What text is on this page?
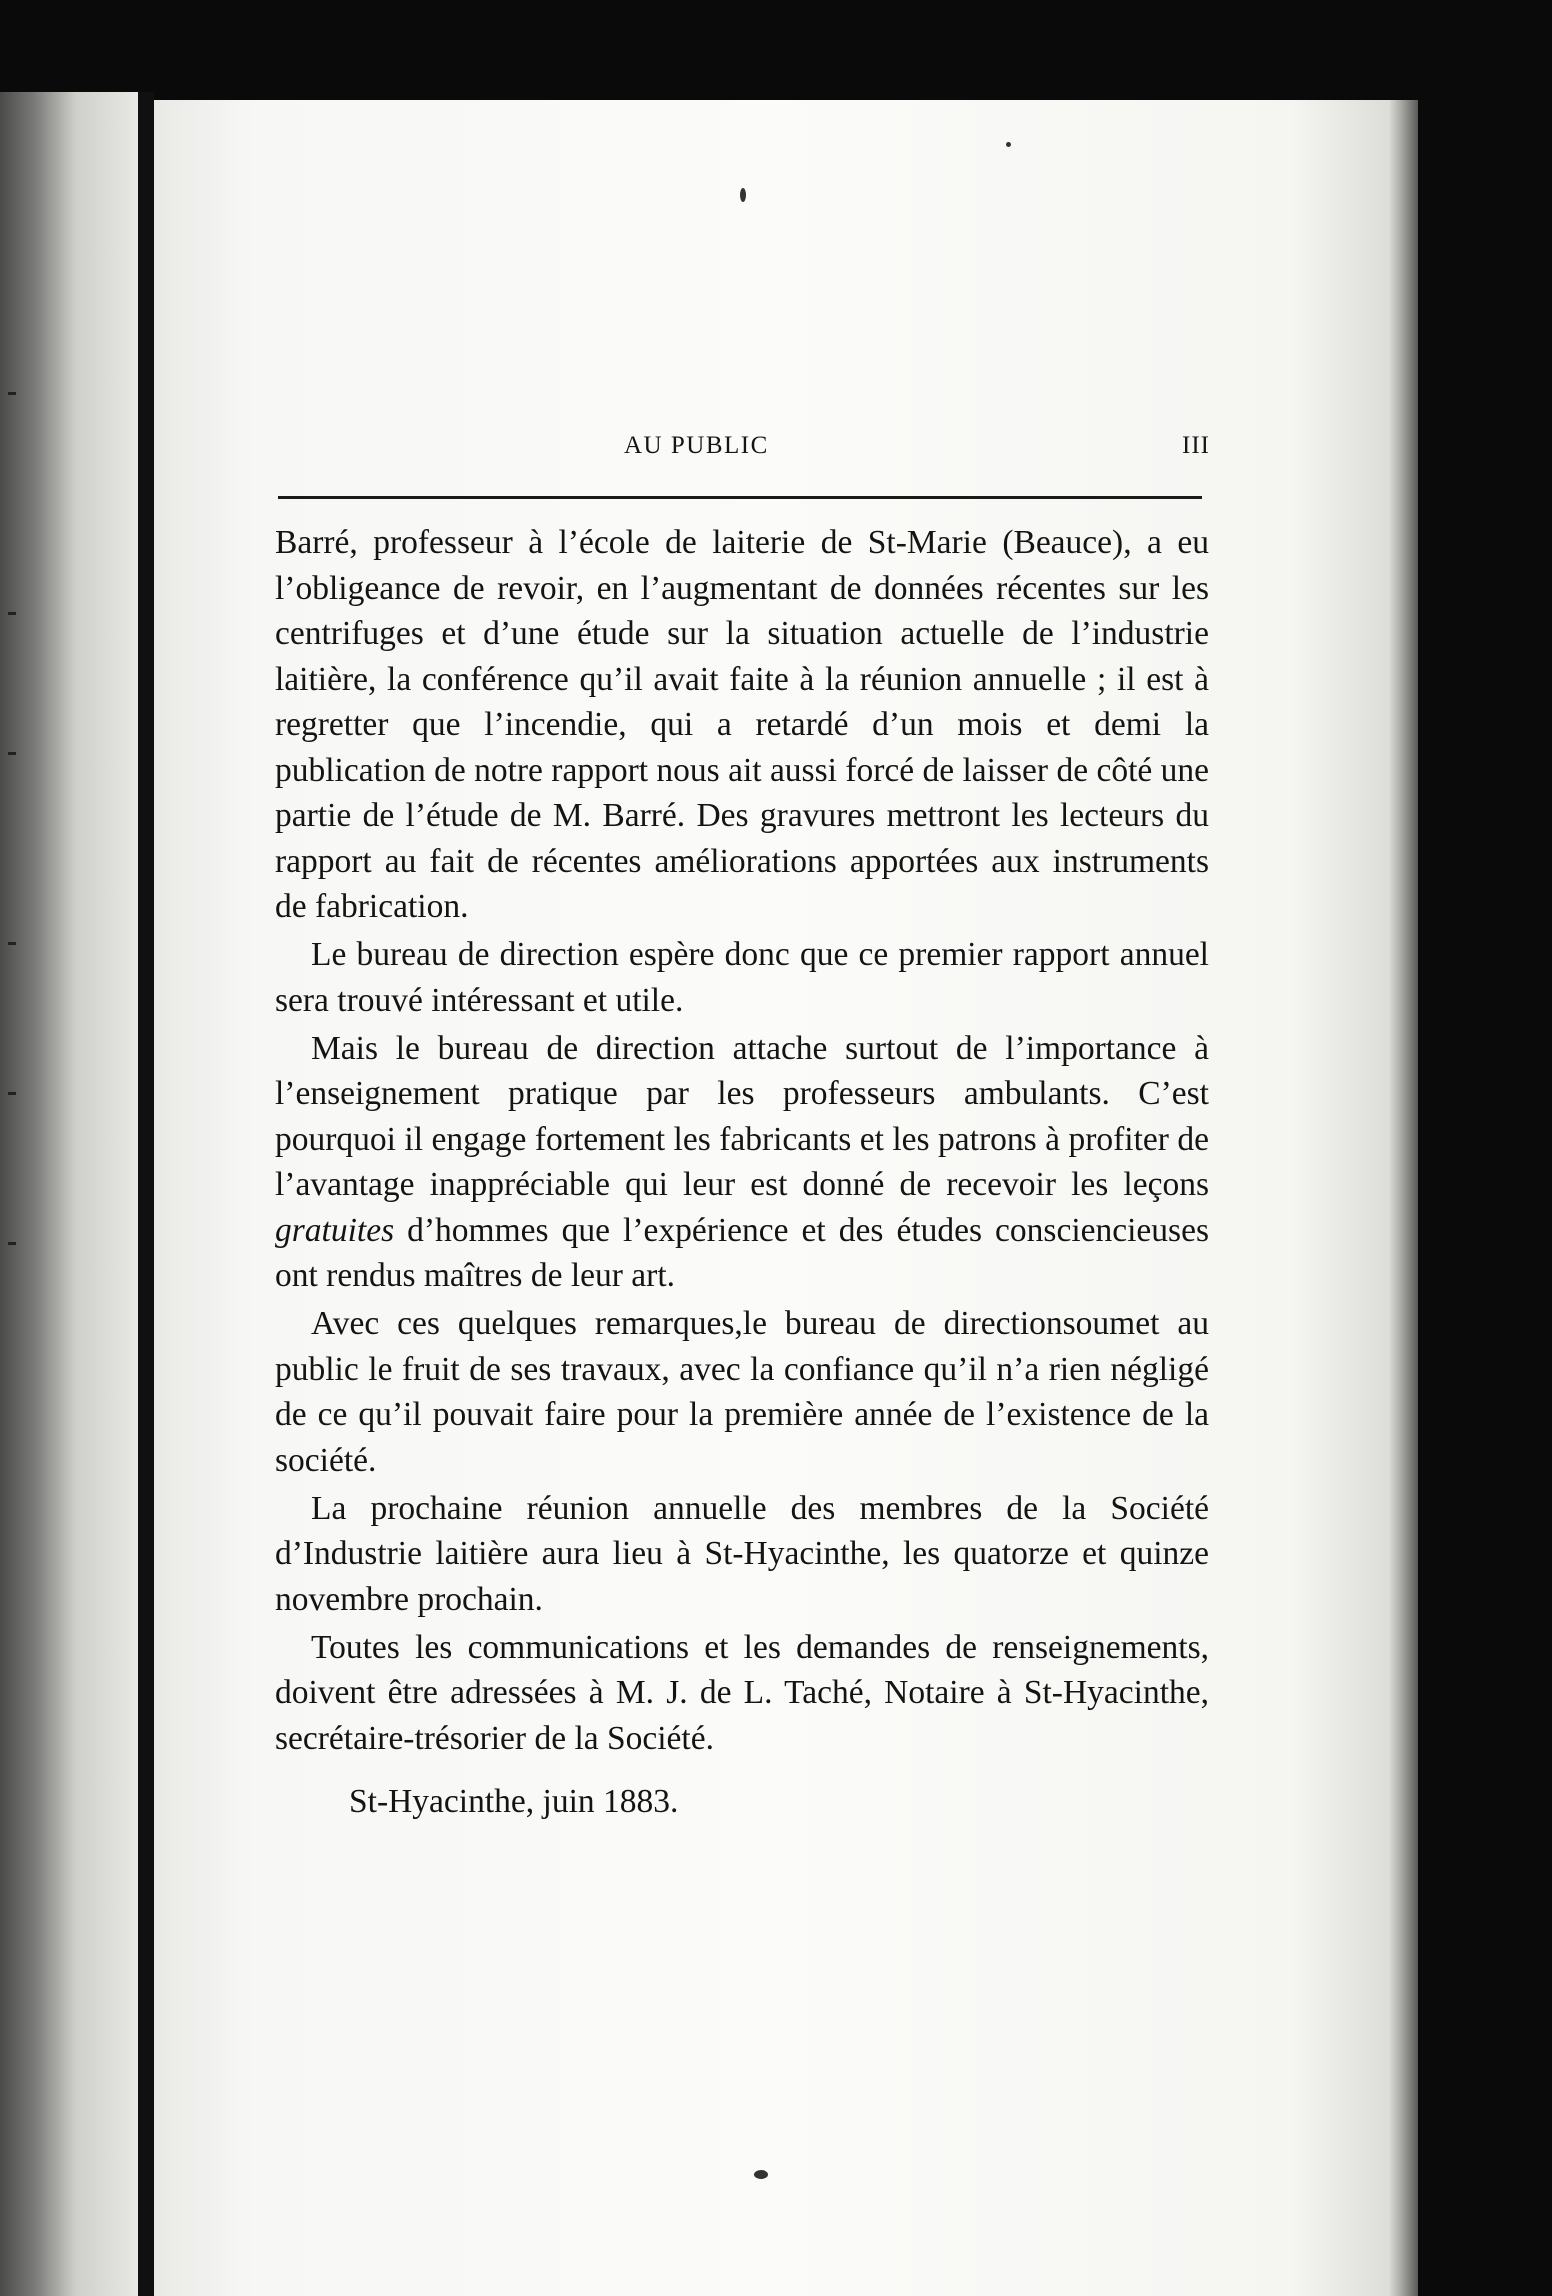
AU PUBLIC	III

Barré, professeur à l’école de laiterie de St-Marie (Beauce), a eu l’obligeance de revoir, en l’augmentant de données récentes sur les centrifuges et d’une étude sur la situation actuelle de l’industrie laitière, la conférence qu’il avait faite à la réunion annuelle ; il est à regretter que l’incendie, qui a retardé d’un mois et demi la publication de notre rapport nous ait aussi forcé de laisser de côté une partie de l’étude de M. Barré. Des gravures mettront les lecteurs du rapport au fait de récentes améliorations apportées aux instruments de fabrication.

Le bureau de direction espère donc que ce premier rapport annuel sera trouvé intéressant et utile.

Mais le bureau de direction attache surtout de l’importance à l’enseignement pratique par les professeurs ambulants. C’est pourquoi il engage fortement les fabricants et les patrons à profiter de l’avantage inappréciable qui leur est donné de recevoir les leçons gratuites d’hommes que l’expérience et des études consciencieuses ont rendus maîtres de leur art.

Avec ces quelques remarques,le bureau de directionsoumet au public le fruit de ses travaux, avec la confiance qu’il n’a rien négligé de ce qu’il pouvait faire pour la première année de l’existence de la société.

La prochaine réunion annuelle des membres de la Société d’Industrie laitière aura lieu à St-Hyacinthe, les quatorze et quinze novembre prochain.

Toutes les communications et les demandes de renseignements, doivent être adressées à M. J. de L. Taché, Notaire à St-Hyacinthe, secrétaire-trésorier de la Société.

St-Hyacinthe, juin 1883.
